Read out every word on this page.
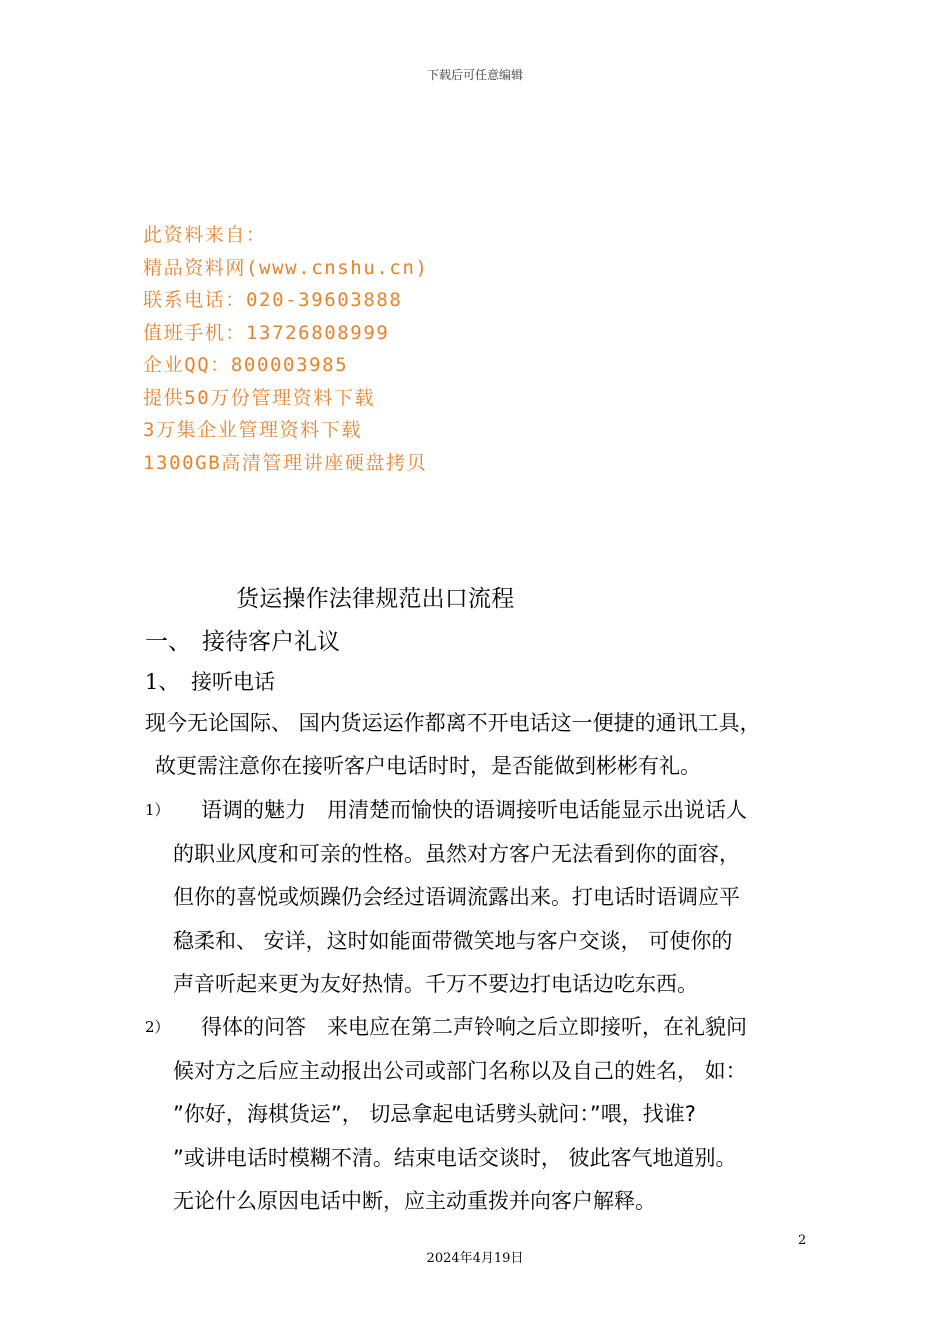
下载后可任意编辑
此资料来自：
精品资料网(www.cnshu.cn)
联系电话：020-39603888
值班手机：13726808999
企业QQ：800003985
提供50万份管理资料下载
3万集企业管理资料下载
1300GB高清管理讲座硬盘拷贝
货运操作法律规范出口流程
一、 接待客户礼议
1、 接听电话
现今无论国际、 国内货运运作都离不开电话这一便捷的通讯工具，
故更需注意你在接听客户电话时时，是否能做到彬彬有礼。
1）	语调的魅力　用清楚而愉快的语调接听电话能显示出说话人
的职业风度和可亲的性格。虽然对方客户无法看到你的面容，
但你的喜悦或烦躁仍会经过语调流露出来。打电话时语调应平
稳柔和、 安详，这时如能面带微笑地与客户交谈， 可使你的
声音听起来更为友好热情。千万不要边打电话边吃东西。
2）	得体的问答　来电应在第二声铃响之后立即接听，在礼貌问
候对方之后应主动报出公司或部门名称以及自己的姓名， 如：
”你好，海棋货运”， 切忌拿起电话劈头就问：”喂，找谁?
”或讲电话时模糊不清。结束电话交谈时， 彼此客气地道别。
无论什么原因电话中断，应主动重拨并向客户解释。
2
2024年4月19日
